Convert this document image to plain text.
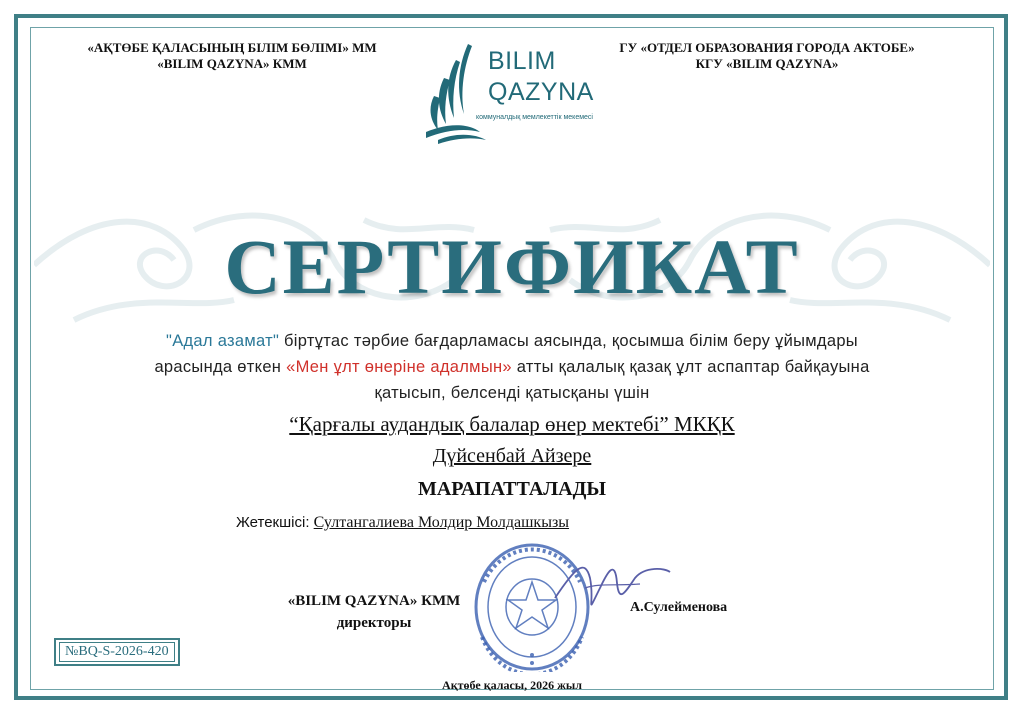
«АҚТӨБЕ ҚАЛАСЫНЫҢ БІЛІМ БӨЛІМІ» ММ
«BILIM QAZYNA» КММ
ГУ «ОТДЕЛ ОБРАЗОВАНИЯ ГОРОДА АКТОБЕ»
КГУ «BILIM QAZYNA»
BILIM
QAZYNA
коммуналдық мемлекеттік мекемесі
СЕРТИФИКАТ
"Адал азамат" біртұтас тәрбие бағдарламасы аясында, қосымша білім беру ұйымдары арасында өткен «Мен ұлт өнеріне адалмын» атты қалалық қазақ ұлт аспаптар байқауына қатысып, белсенді қатысқаны үшін
“Қарғалы аудандық балалар өнер мектебі” МКҚК
Дүйсенбай Айзере
МАРАПАТТАЛАДЫ
Жетекшісі: Султангалиева Молдир Молдашкызы
«BILIM QAZYNA» КММ
директоры
А.Сулейменова
№BQ-S-2026-420
Ақтөбе қаласы, 2026 жыл
